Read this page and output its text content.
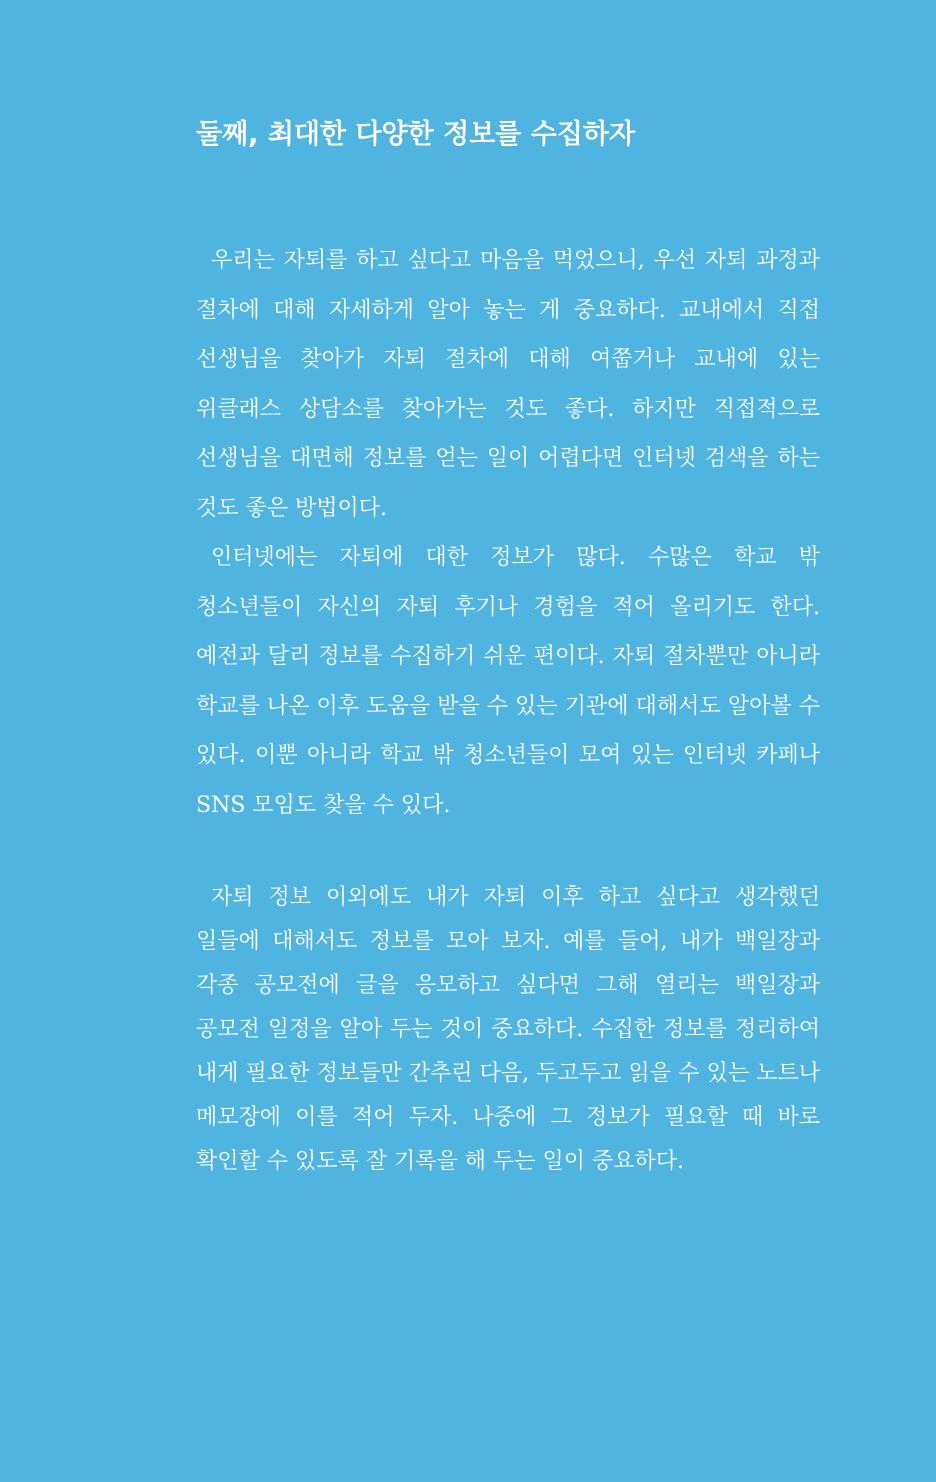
둘째, 최대한 다양한 정보를 수집하자

우리는 자퇴를 하고 싶다고 마음을 먹었으니, 우선 자퇴 과정과 절차에 대해 자세하게 알아 놓는 게 중요하다. 교내에서 직접 선생님을 찾아가 자퇴 절차에 대해 여쭙거나 교내에 있는 위클래스 상담소를 찾아가는 것도 좋다. 하지만 직접적으로 선생님을 대면해 정보를 얻는 일이 어렵다면 인터넷 검색을 하는 것도 좋은 방법이다.

인터넷에는 자퇴에 대한 정보가 많다. 수많은 학교 밖 청소년들이 자신의 자퇴 후기나 경험을 적어 올리기도 한다. 예전과 달리 정보를 수집하기 쉬운 편이다. 자퇴 절차뿐만 아니라 학교를 나온 이후 도움을 받을 수 있는 기관에 대해서도 알아볼 수 있다. 이뿐 아니라 학교 밖 청소년들이 모여 있는 인터넷 카페나 SNS 모임도 찾을 수 있다.

자퇴 정보 이외에도 내가 자퇴 이후 하고 싶다고 생각했던 일들에 대해서도 정보를 모아 보자. 예를 들어, 내가 백일장과 각종 공모전에 글을 응모하고 싶다면 그해 열리는 백일장과 공모전 일정을 알아 두는 것이 중요하다. 수집한 정보를 정리하여 내게 필요한 정보들만 간추린 다음, 두고두고 읽을 수 있는 노트나 메모장에 이를 적어 두자. 나중에 그 정보가 필요할 때 바로 확인할 수 있도록 잘 기록을 해 두는 일이 중요하다.
